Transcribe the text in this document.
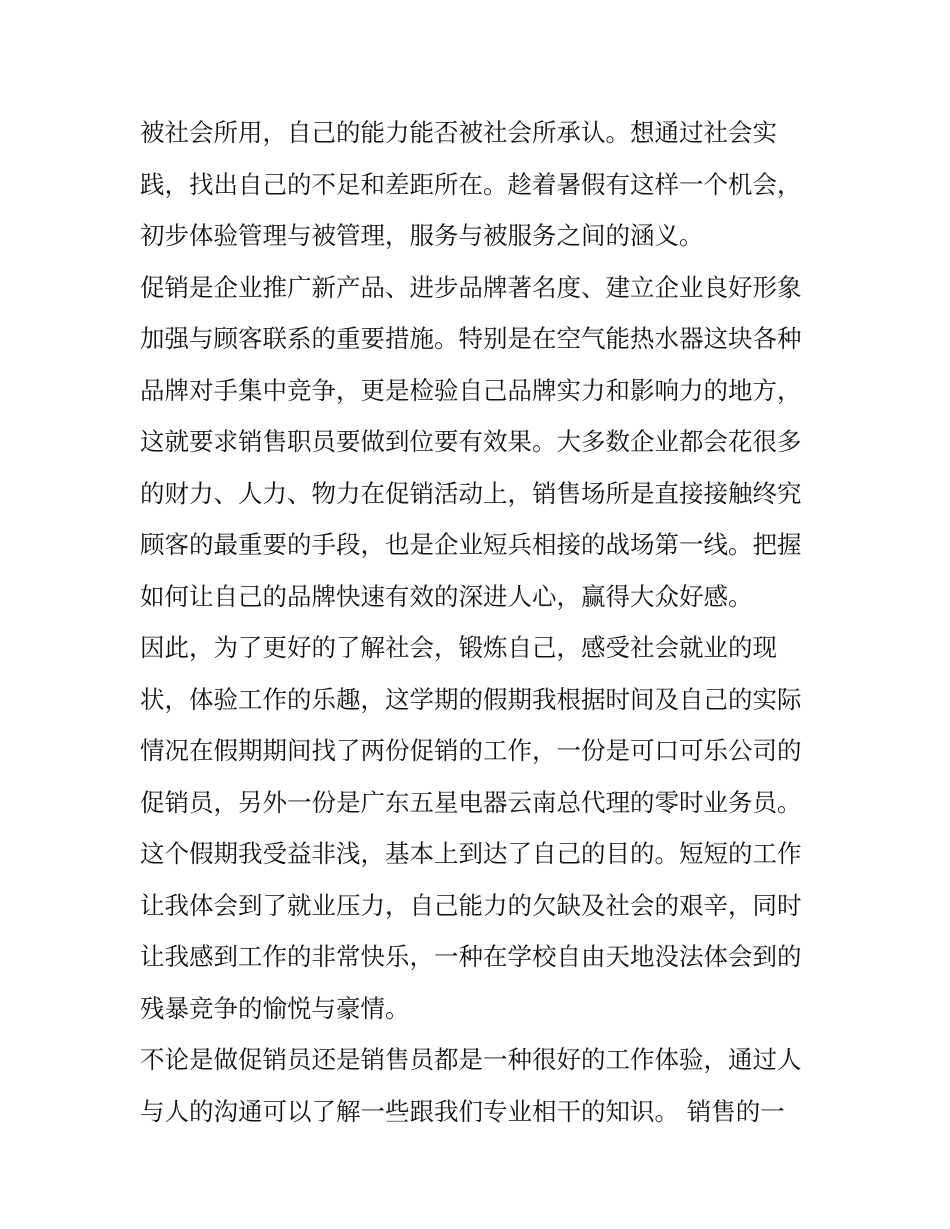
被社会所用，自己的能力能否被社会所承认。想通过社会实
践，找出自己的不足和差距所在。趁着暑假有这样一个机会，
初步体验管理与被管理，服务与被服务之间的涵义。
促销是企业推广新产品、进步品牌著名度、建立企业良好形象
加强与顾客联系的重要措施。特别是在空气能热水器这块各种
品牌对手集中竞争，更是检验自己品牌实力和影响力的地方，
这就要求销售职员要做到位要有效果。大多数企业都会花很多
的财力、人力、物力在促销活动上，销售场所是直接接触终究
顾客的最重要的手段，也是企业短兵相接的战场第一线。把握
如何让自己的品牌快速有效的深进人心，赢得大众好感。
因此，为了更好的了解社会，锻炼自己，感受社会就业的现
状，体验工作的乐趣，这学期的假期我根据时间及自己的实际
情况在假期期间找了两份促销的工作，一份是可口可乐公司的
促销员，另外一份是广东五星电器云南总代理的零时业务员。
这个假期我受益非浅，基本上到达了自己的目的。短短的工作
让我体会到了就业压力，自己能力的欠缺及社会的艰辛，同时
让我感到工作的非常快乐，一种在学校自由天地没法体会到的
残暴竞争的愉悦与豪情。
不论是做促销员还是销售员都是一种很好的工作体验，通过人
与人的沟通可以了解一些跟我们专业相干的知识。 销售的一
